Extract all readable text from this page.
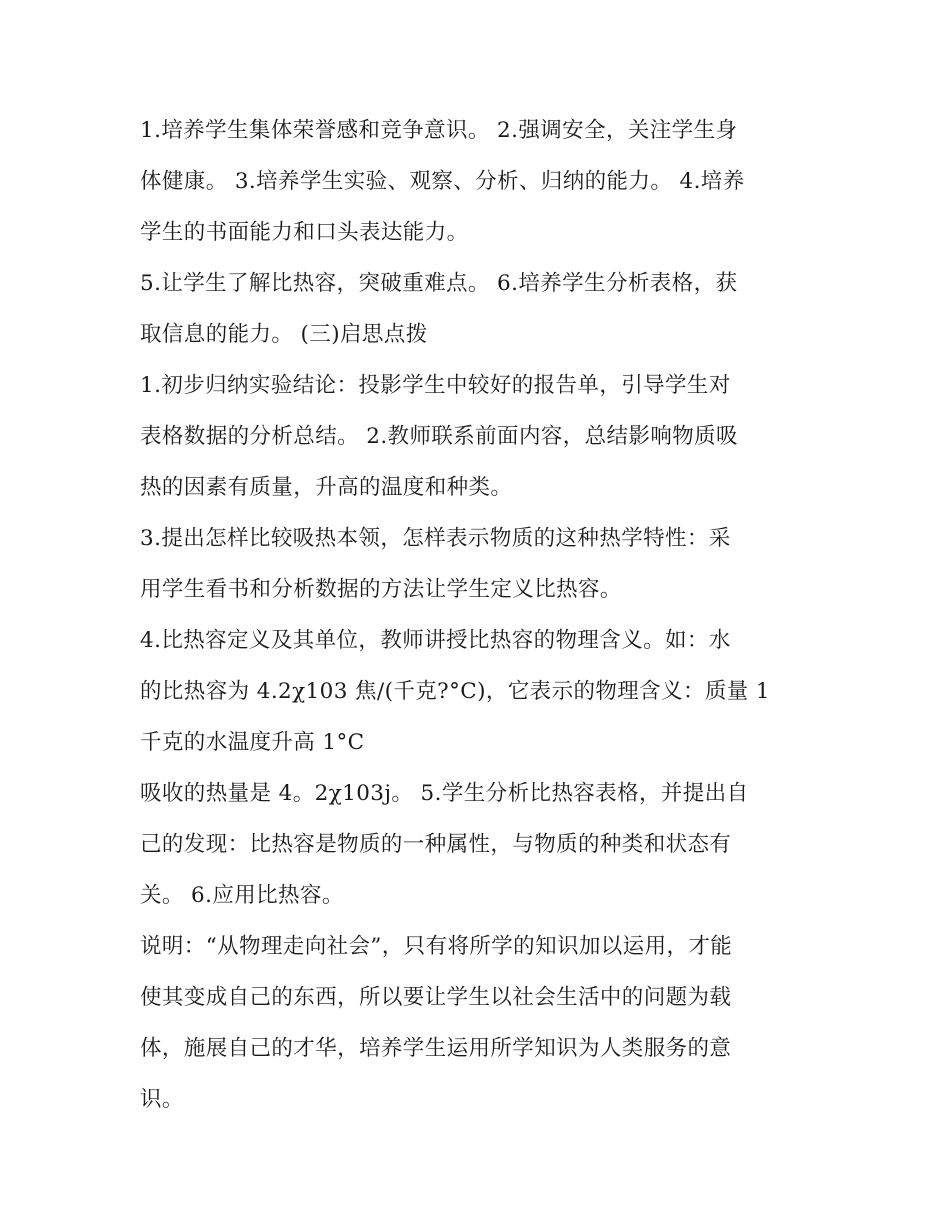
1.培养学生集体荣誉感和竞争意识。 2.强调安全，关注学生身
体健康。 3.培养学生实验、观察、分析、归纳的能力。 4.培养
学生的书面能力和口头表达能力。

5.让学生了解比热容，突破重难点。 6.培养学生分析表格，获
取信息的能力。 (三)启思点拨

1.初步归纳实验结论：投影学生中较好的报告单，引导学生对
表格数据的分析总结。 2.教师联系前面内容，总结影响物质吸
热的因素有质量，升高的温度和种类。

3.提出怎样比较吸热本领，怎样表示物质的这种热学特性：采
用学生看书和分析数据的方法让学生定义比热容。

4.比热容定义及其单位，教师讲授比热容的物理含义。如：水
的比热容为 4.2χ103 焦/(千克?°C)，它表示的物理含义：质量 1
千克的水温度升高 1°C

吸收的热量是 4。2χ103j。 5.学生分析比热容表格，并提出自
己的发现：比热容是物质的一种属性，与物质的种类和状态有
关。 6.应用比热容。

说明：“从物理走向社会”，只有将所学的知识加以运用，才能
使其变成自己的东西，所以要让学生以社会生活中的问题为载
体，施展自己的才华，培养学生运用所学知识为人类服务的意
识。
